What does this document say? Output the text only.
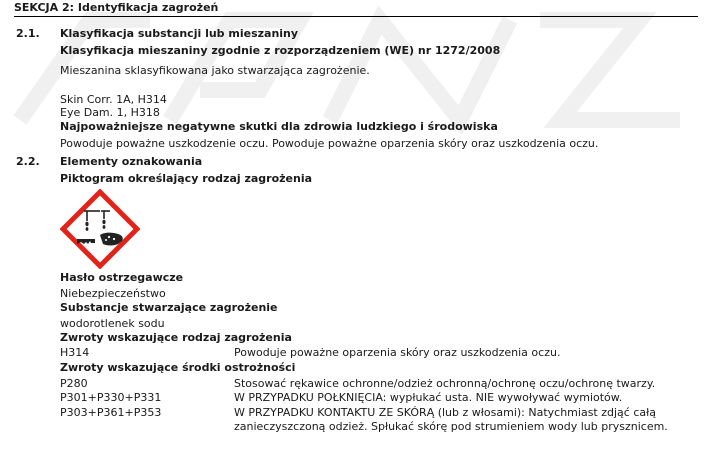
SEKCJA 2: Identyfikacja zagrożeń
2.1. Klasyfikacja substancji lub mieszaniny
Klasyfikacja mieszaniny zgodnie z rozporządzeniem (WE) nr 1272/2008
Mieszanina sklasyfikowana jako stwarzająca zagrożenie.
Skin Corr. 1A, H314
Eye Dam. 1, H318
Najpoważniejsze negatywne skutki dla zdrowia ludzkiego i środowiska
Powoduje poważne uszkodzenie oczu. Powoduje poważne oparzenia skóry oraz uszkodzenia oczu.
2.2. Elementy oznakowania
Piktogram określający rodzaj zagrożenia
Hasło ostrzegawcze
Niebezpieczeństwo
Substancje stwarzające zagrożenie
wodorotlenek sodu
Zwroty wskazujące rodzaj zagrożenia
H314	Powoduje poważne oparzenia skóry oraz uszkodzenia oczu.
Zwroty wskazujące środki ostrożności
P280	Stosować rękawice ochronne/odzież ochronną/ochronę oczu/ochronę twarzy.
P301+P330+P331	W PRZYPADKU POŁKNIĘCIA: wypłukać usta. NIE wywoływać wymiotów.
P303+P361+P353	W PRZYPADKU KONTAKTU ZE SKÓRĄ (lub z włosami): Natychmiast zdjąć całą
zanieczyszczoną odzież. Spłukać skórę pod strumieniem wody lub prysznicem.
